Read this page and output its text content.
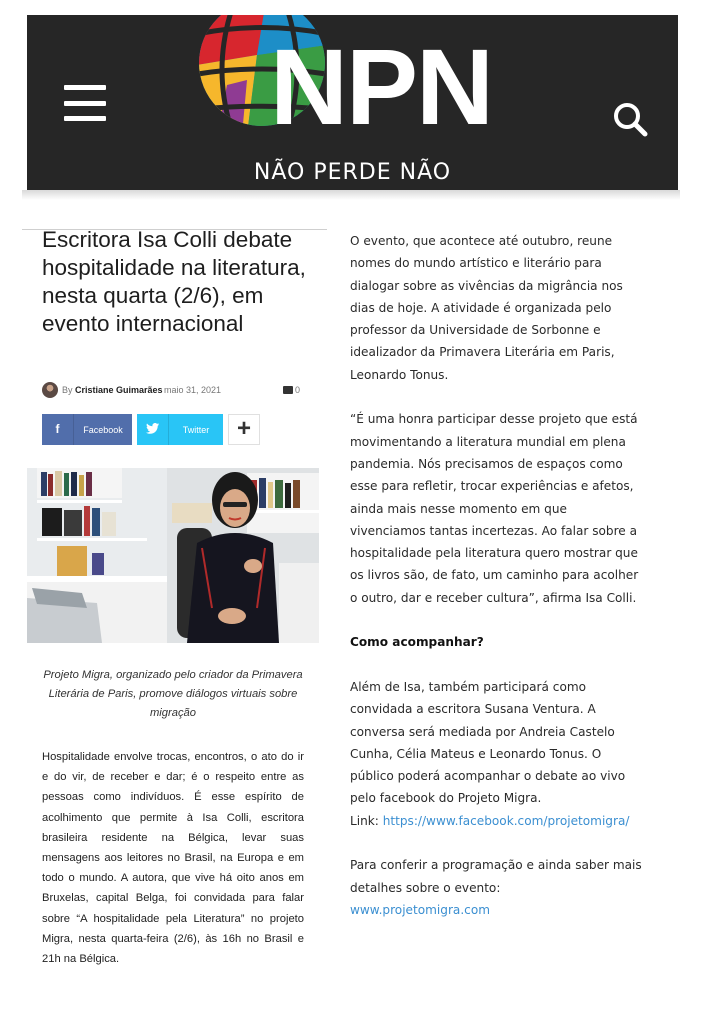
NPN
NÃO PERDE NÃO
Escritora Isa Colli debate hospitalidade na literatura, nesta quarta (2/6), em evento internacional
By Cristiane Guimarães maio 31, 2021	0
f	Facebook	Twitter	+
Projeto Migra, organizado pelo criador da Primavera Literária de Paris, promove diálogos virtuais sobre migração

Hospitalidade envolve trocas, encontros, o ato do ir e do vir, de receber e dar; é o respeito entre as pessoas como indivíduos. É esse espírito de acolhimento que permite à Isa Colli, escritora brasileira residente na Bélgica, levar suas mensagens aos leitores no Brasil, na Europa e em todo o mundo. A autora, que vive há oito anos em Bruxelas, capital Belga, foi convidada para falar sobre “A hospitalidade pela Literatura” no projeto Migra, nesta quarta-feira (2/6), às 16h no Brasil e 21h na Bélgica.

O evento, que acontece até outubro, reune nomes do mundo artístico e literário para dialogar sobre as vivências da migrância nos dias de hoje. A atividade é organizada pelo professor da Universidade de Sorbonne e idealizador da Primavera Literária em Paris, Leonardo Tonus.

“É uma honra participar desse projeto que está movimentando a literatura mundial em plena pandemia. Nós precisamos de espaços como esse para refletir, trocar experiências e afetos, ainda mais nesse momento em que vivenciamos tantas incertezas. Ao falar sobre a hospitalidade pela literatura quero mostrar que os livros são, de fato, um caminho para acolher o outro, dar e receber cultura”, afirma Isa Colli.

Como acompanhar?

Além de Isa, também participará como convidada a escritora Susana Ventura. A conversa será mediada por Andreia Castelo Cunha, Célia Mateus e Leonardo Tonus. O público poderá acompanhar o debate ao vivo pelo facebook do Projeto Migra.
Link: https://www.facebook.com/projetomigra/

Para conferir a programação e ainda saber mais detalhes sobre o evento:
www.projetomigra.com
